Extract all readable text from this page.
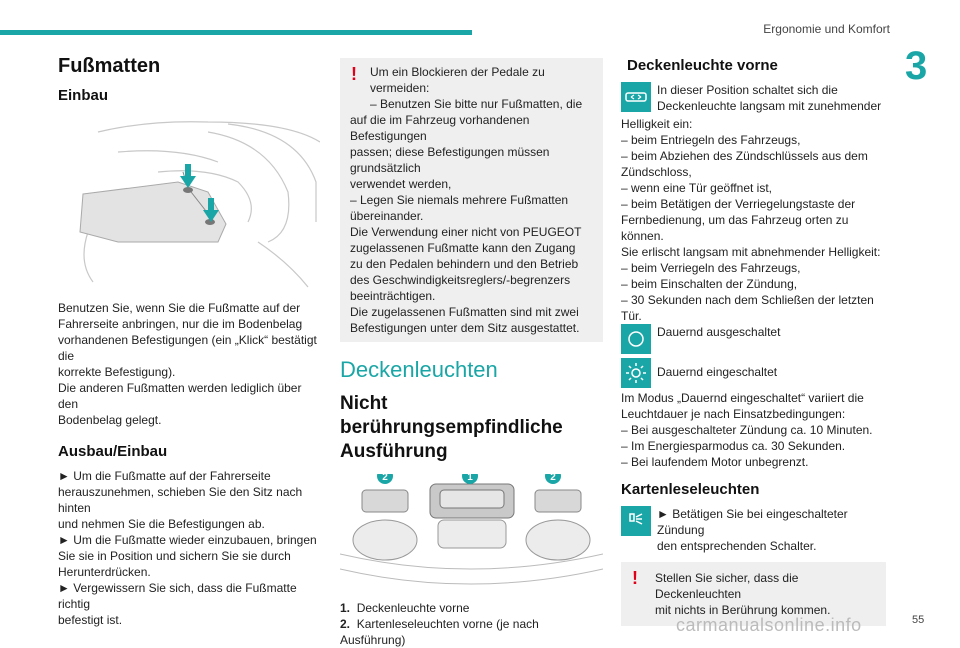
Ergonomie und Komfort
3
Fußmatten
Einbau
Benutzen Sie, wenn Sie die Fußmatte auf der
Fahrerseite anbringen, nur die im Bodenbelag
vorhandenen Befestigungen (ein „Klick“ bestätigt die
korrekte Befestigung).
Die anderen Fußmatten werden lediglich über den
Bodenbelag gelegt.
Ausbau/Einbau
► Um die Fußmatte auf der Fahrerseite
herauszunehmen, schieben Sie den Sitz nach hinten
und nehmen Sie die Befestigungen ab.
► Um die Fußmatte wieder einzubauen, bringen
Sie sie in Position und sichern Sie sie durch
Herunterdrücken.
► Vergewissern Sie sich, dass die Fußmatte richtig
befestigt ist.
!	Um ein Blockieren der Pedale zu vermeiden:
– Benutzen Sie bitte nur Fußmatten, die
auf die im Fahrzeug vorhandenen Befestigungen
passen; diese Befestigungen müssen grundsätzlich
verwendet werden,
– Legen Sie niemals mehrere Fußmatten
übereinander.
Die Verwendung einer nicht von PEUGEOT
zugelassenen Fußmatte kann den Zugang
zu den Pedalen behindern und den Betrieb
des Geschwindigkeitsreglers/-begrenzers
beeinträchtigen.
Die zugelassenen Fußmatten sind mit zwei
Befestigungen unter dem Sitz ausgestattet.
Deckenleuchten
Nicht berührungsempfindliche
Ausführung
2	1	2
1. Deckenleuchte vorne
2. Kartenleseleuchten vorne (je nach Ausführung)
Deckenleuchte vorne
In dieser Position schaltet sich die
Deckenleuchte langsam mit zunehmender
Helligkeit ein:
– beim Entriegeln des Fahrzeugs,
– beim Abziehen des Zündschlüssels aus dem
Zündschloss,
– wenn eine Tür geöffnet ist,
– beim Betätigen der Verriegelungstaste der
Fernbedienung, um das Fahrzeug orten zu können.
Sie erlischt langsam mit abnehmender Helligkeit:
– beim Verriegeln des Fahrzeugs,
– beim Einschalten der Zündung,
– 30 Sekunden nach dem Schließen der letzten Tür.
Dauernd ausgeschaltet
Dauernd eingeschaltet
Im Modus „Dauernd eingeschaltet“ variiert die
Leuchtdauer je nach Einsatzbedingungen:
– Bei ausgeschalteter Zündung ca. 10 Minuten.
– Im Energiesparmodus ca. 30 Sekunden.
– Bei laufendem Motor unbegrenzt.
Kartenleseleuchten
► Betätigen Sie bei eingeschalteter Zündung
den entsprechenden Schalter.
!	Stellen Sie sicher, dass die Deckenleuchten
mit nichts in Berührung kommen.
carmanualsonline.info	55
